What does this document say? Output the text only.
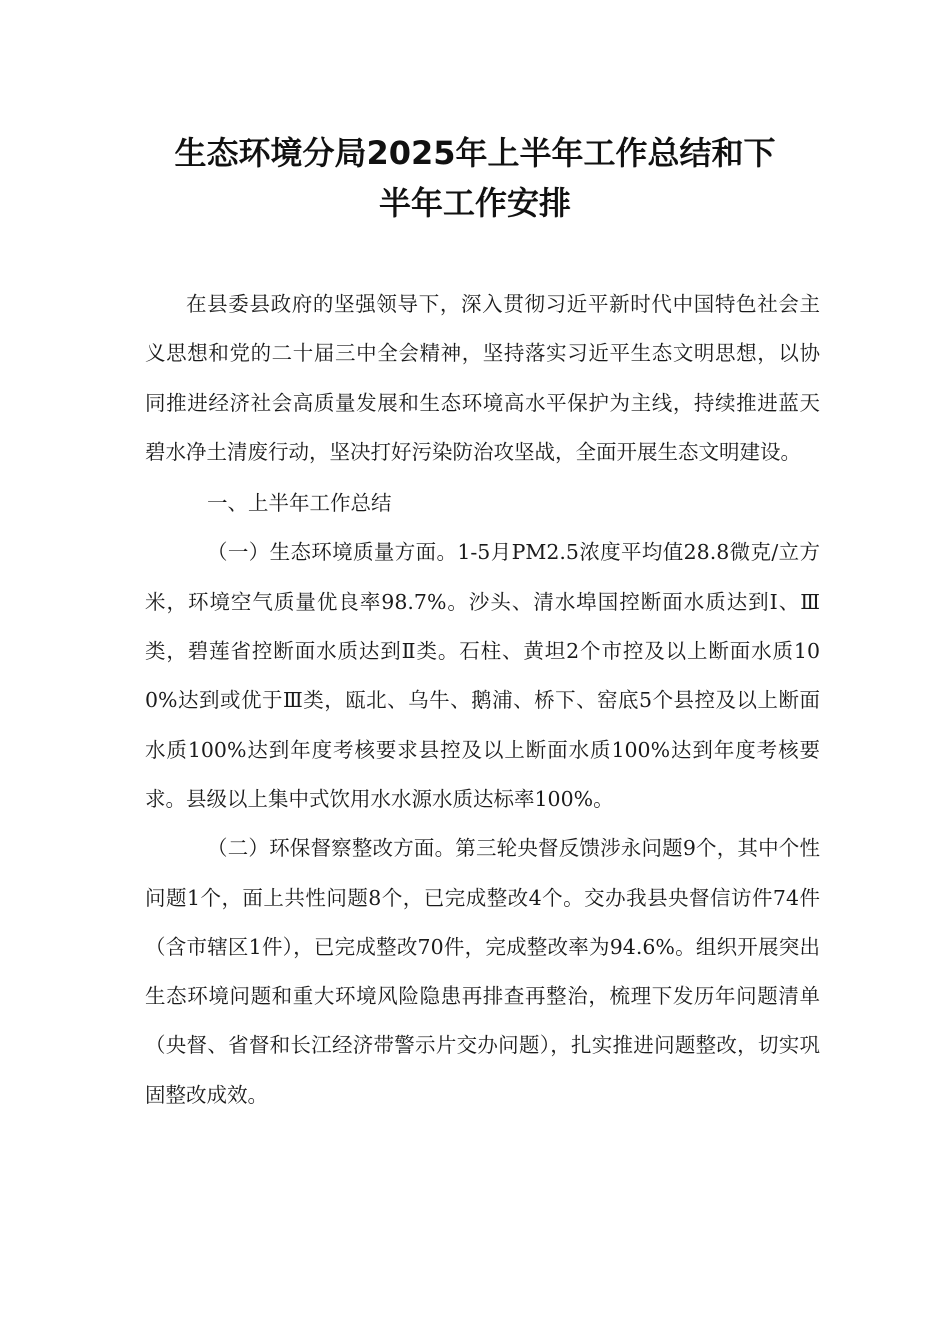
生态环境分局2025年上半年工作总结和下
半年工作安排

在县委县政府的坚强领导下，深入贯彻习近平新时代中国特色社会主义思想和党的二十届三中全会精神，坚持落实习近平生态文明思想，以协同推进经济社会高质量发展和生态环境高水平保护为主线，持续推进蓝天碧水净土清废行动，坚决打好污染防治攻坚战，全面开展生态文明建设。

一、上半年工作总结

（一）生态环境质量方面。1-5月PM2.5浓度平均值28.8微克/立方米，环境空气质量优良率98.7%。沙头、清水埠国控断面水质达到Ⅰ、Ⅲ类，碧莲省控断面水质达到Ⅱ类。石柱、黄坦2个市控及以上断面水质100%达到或优于Ⅲ类，瓯北、乌牛、鹅浦、桥下、窑底5个县控及以上断面水质100%达到年度考核要求县控及以上断面水质100%达到年度考核要求。县级以上集中式饮用水水源水质达标率100%。

（二）环保督察整改方面。第三轮央督反馈涉永问题9个，其中个性问题1个，面上共性问题8个，已完成整改4个。交办我县央督信访件74件（含市辖区1件），已完成整改70件，完成整改率为94.6%。组织开展突出生态环境问题和重大环境风险隐患再排查再整治，梳理下发历年问题清单（央督、省督和长江经济带警示片交办问题），扎实推进问题整改，切实巩固整改成效。
